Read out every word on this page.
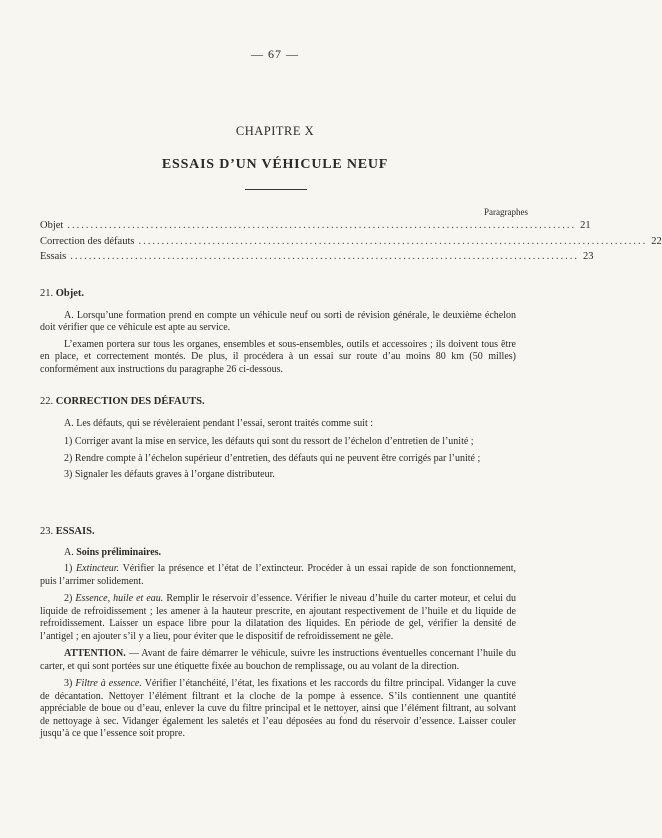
— 67 —
CHAPITRE X
ESSAIS D’UN VÉHICULE NEUF
Paragraphes
Objet .............................................................................................................. 21
Correction des défauts .............................................................................................................. 22
Essais .............................................................................................................. 23

21. Objet.

A. Lorsqu’une formation prend en compte un véhicule neuf ou sorti de révision générale, le deuxième échelon doit vérifier que ce véhicule est apte au service.

L’examen portera sur tous les organes, ensembles et sous-ensembles, outils et accessoires ; ils doivent tous être en place, et correctement montés. De plus, il procédera à un essai sur route d’au moins 80 km (50 milles) conformément aux instructions du paragraphe 26 ci-dessous.

22. CORRECTION DES DÉFAUTS.

A. Les défauts, qui se révèleraient pendant l’essai, seront traités comme suit :

1) Corriger avant la mise en service, les défauts qui sont du ressort de l’échelon d’entretien de l’unité ;

2) Rendre compte à l’échelon supérieur d’entretien, des défauts qui ne peuvent être corrigés par l’unité ;

3) Signaler les défauts graves à l’organe distributeur.

23. ESSAIS.

A. Soins préliminaires.

1) Extincteur. Vérifier la présence et l’état de l’extincteur. Procéder à un essai rapide de son fonctionnement, puis l’arrimer solidement.

2) Essence, huile et eau. Remplir le réservoir d’essence. Vérifier le niveau d’huile du carter moteur, et celui du liquide de refroidissement ; les amener à la hauteur prescrite, en ajoutant respectivement de l’huile et du liquide de refroidissement. Laisser un espace libre pour la dilatation des liquides. En période de gel, vérifier la densité de l’antigel ; en ajouter s’il y a lieu, pour éviter que le dispositif de refroidissement ne gèle.

ATTENTION. — Avant de faire démarrer le véhicule, suivre les instructions éventuelles concernant l’huile du carter, et qui sont portées sur une étiquette fixée au bouchon de remplissage, ou au volant de la direction.

3) Filtre à essence. Vérifier l’étanchéité, l’état, les fixations et les raccords du filtre principal. Vidanger la cuve de décantation. Nettoyer l’élément filtrant et la cloche de la pompe à essence. S’ils contiennent une quantité appréciable de boue ou d’eau, enlever la cuve du filtre principal et le nettoyer, ainsi que l’élément filtrant, au solvant de nettoyage à sec. Vidanger également les saletés et l’eau déposées au fond du réservoir d’essence. Laisser couler jusqu’à ce que l’essence soit propre.
